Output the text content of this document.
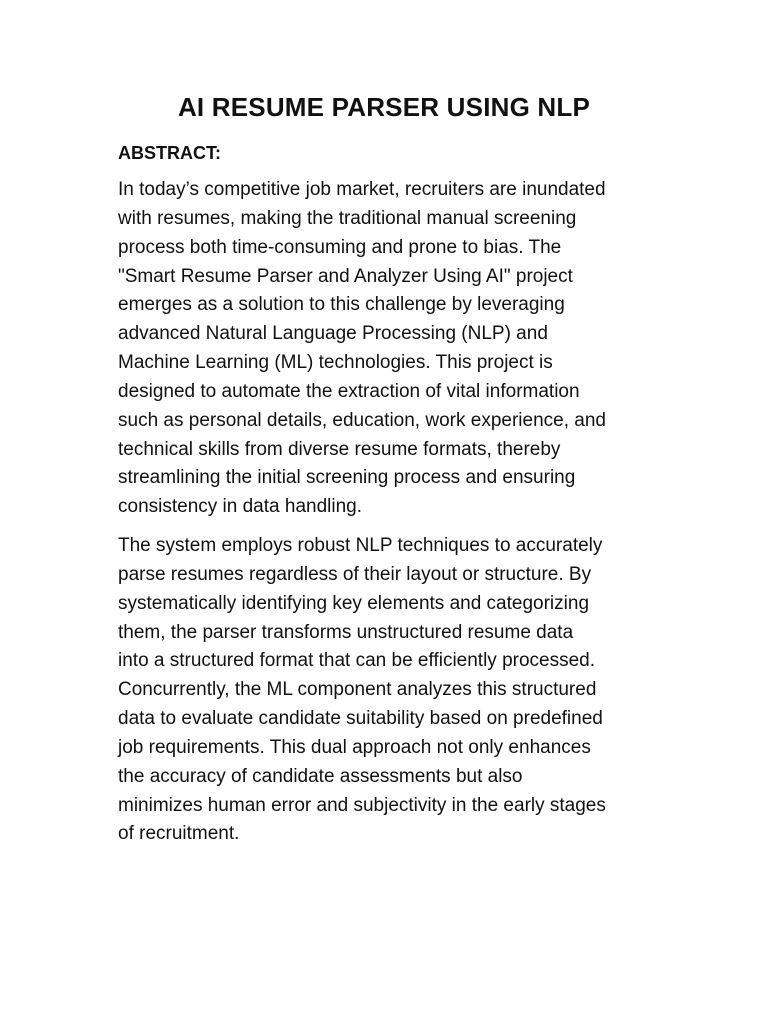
AI RESUME PARSER USING NLP
ABSTRACT:

In today’s competitive job market, recruiters are inundated
with resumes, making the traditional manual screening
process both time-consuming and prone to bias. The
"Smart Resume Parser and Analyzer Using AI" project
emerges as a solution to this challenge by leveraging
advanced Natural Language Processing (NLP) and
Machine Learning (ML) technologies. This project is
designed to automate the extraction of vital information
such as personal details, education, work experience, and
technical skills from diverse resume formats, thereby
streamlining the initial screening process and ensuring
consistency in data handling.

The system employs robust NLP techniques to accurately
parse resumes regardless of their layout or structure. By
systematically identifying key elements and categorizing
them, the parser transforms unstructured resume data
into a structured format that can be efficiently processed.
Concurrently, the ML component analyzes this structured
data to evaluate candidate suitability based on predefined
job requirements. This dual approach not only enhances
the accuracy of candidate assessments but also
minimizes human error and subjectivity in the early stages
of recruitment.
